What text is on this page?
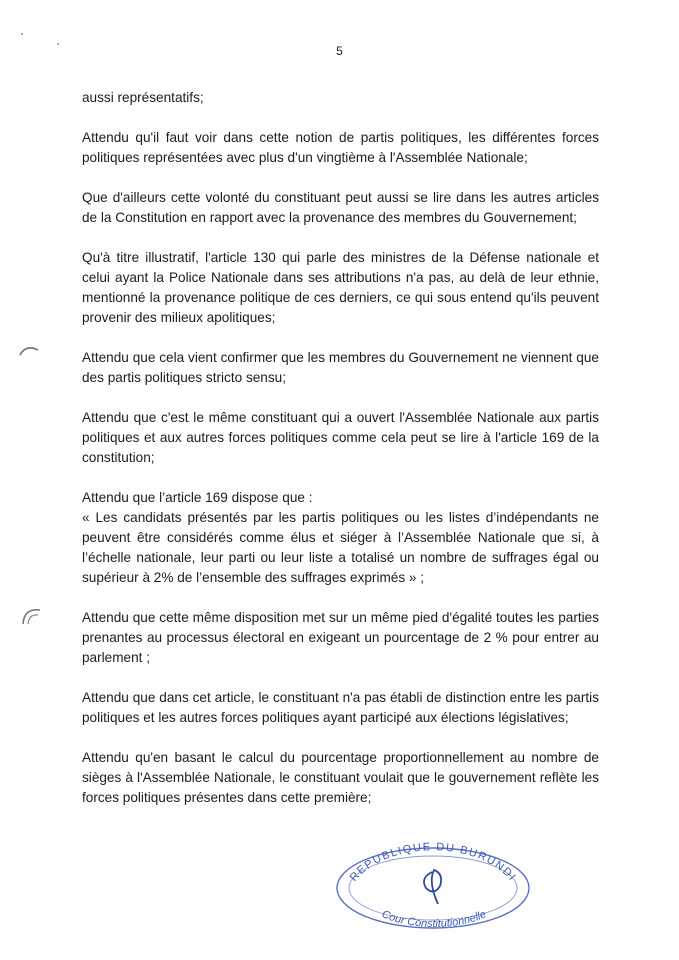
5

aussi représentatifs;

Attendu qu'il faut voir dans cette notion de partis politiques, les différentes forces politiques représentées avec plus d'un vingtième à l'Assemblée Nationale;

Que d'ailleurs cette volonté du constituant peut aussi se lire dans les autres articles de la Constitution en rapport avec la provenance des membres du Gouvernement;

Qu'à titre illustratif, l'article 130 qui parle des ministres de la Défense nationale et celui ayant la Police Nationale dans ses attributions n'a pas, au delà de leur ethnie, mentionné la provenance politique de ces derniers, ce qui sous entend qu'ils peuvent provenir des milieux apolitiques;

Attendu que cela vient confirmer que les membres du Gouvernement ne viennent que des partis politiques stricto sensu;

Attendu que c'est le même constituant qui a ouvert l'Assemblée Nationale aux partis politiques et aux autres forces politiques comme cela peut se lire à l'article 169 de la constitution;

Attendu que l’article 169 dispose que :

« Les candidats présentés par les partis politiques ou les listes d’indépendants ne peuvent être considérés comme élus et siéger à l’Assemblée Nationale que si, à l’échelle nationale, leur parti ou leur liste a totalisé un nombre de suffrages égal ou supérieur à 2% de l’ensemble des suffrages exprimés » ;

Attendu que cette même disposition met sur un même pied d'égalité toutes les parties prenantes au processus électoral en exigeant un pourcentage de 2 % pour entrer au parlement ;

Attendu que dans cet article, le constituant n'a pas établi de distinction entre les partis politiques et les autres forces politiques ayant participé aux élections législatives;

Attendu qu'en basant le calcul du pourcentage proportionnellement au nombre de sièges à l'Assemblée Nationale, le constituant voulait que le gouvernement reflète les forces politiques présentes dans cette première;

REPUBLIQUE DU BURUNDI
Cour Constitutionnelle
